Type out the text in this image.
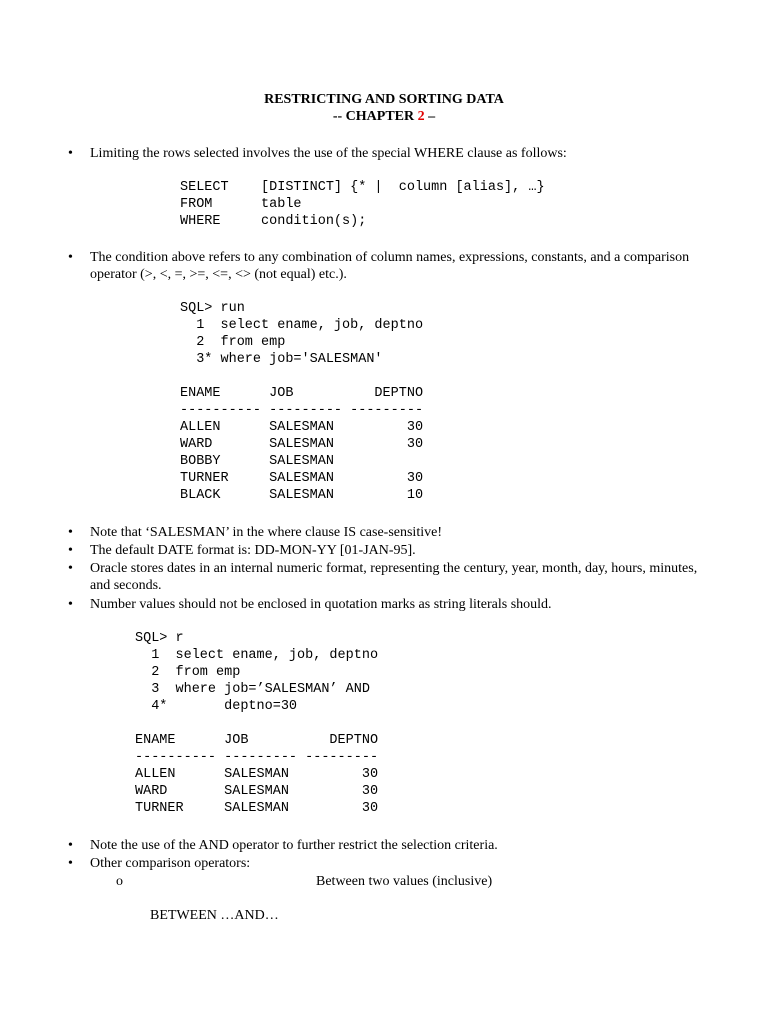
RESTRICTING AND SORTING DATA
-- CHAPTER 2 –
• Limiting the rows selected involves the use of the special WHERE clause as follows:
SELECT    [DISTINCT] {* |  column [alias], …}
FROM      table
WHERE     condition(s);
• The condition above refers to any combination of column names, expressions, constants, and a comparison operator (>, <, =, >=, <=, <> (not equal) etc.).
SQL> run
1  select ename, job, deptno
2  from emp
3* where job='SALESMAN'
ENAME      JOB          DEPTNO
---------- --------- ---------
ALLEN      SALESMAN         30
WARD       SALESMAN         30
BOBBY      SALESMAN
TURNER     SALESMAN         30
BLACK      SALESMAN         10
• Note that ‘SALESMAN’ in the where clause IS case-sensitive!
• The default DATE format is: DD-MON-YY [01-JAN-95].
• Oracle stores dates in an internal numeric format, representing the century, year, month, day, hours, minutes, and seconds.
• Number values should not be enclosed in quotation marks as string literals should.
SQL> r
1  select ename, job, deptno
2  from emp
3  where job=’SALESMAN’ AND
4*       deptno=30
ENAME      JOB          DEPTNO
---------- --------- ---------
ALLEN      SALESMAN         30
WARD       SALESMAN         30
TURNER     SALESMAN         30
• Note the use of the AND operator to further restrict the selection criteria.
• Other comparison operators:

o

BETWEEN …AND…

Between two values (inclusive)
